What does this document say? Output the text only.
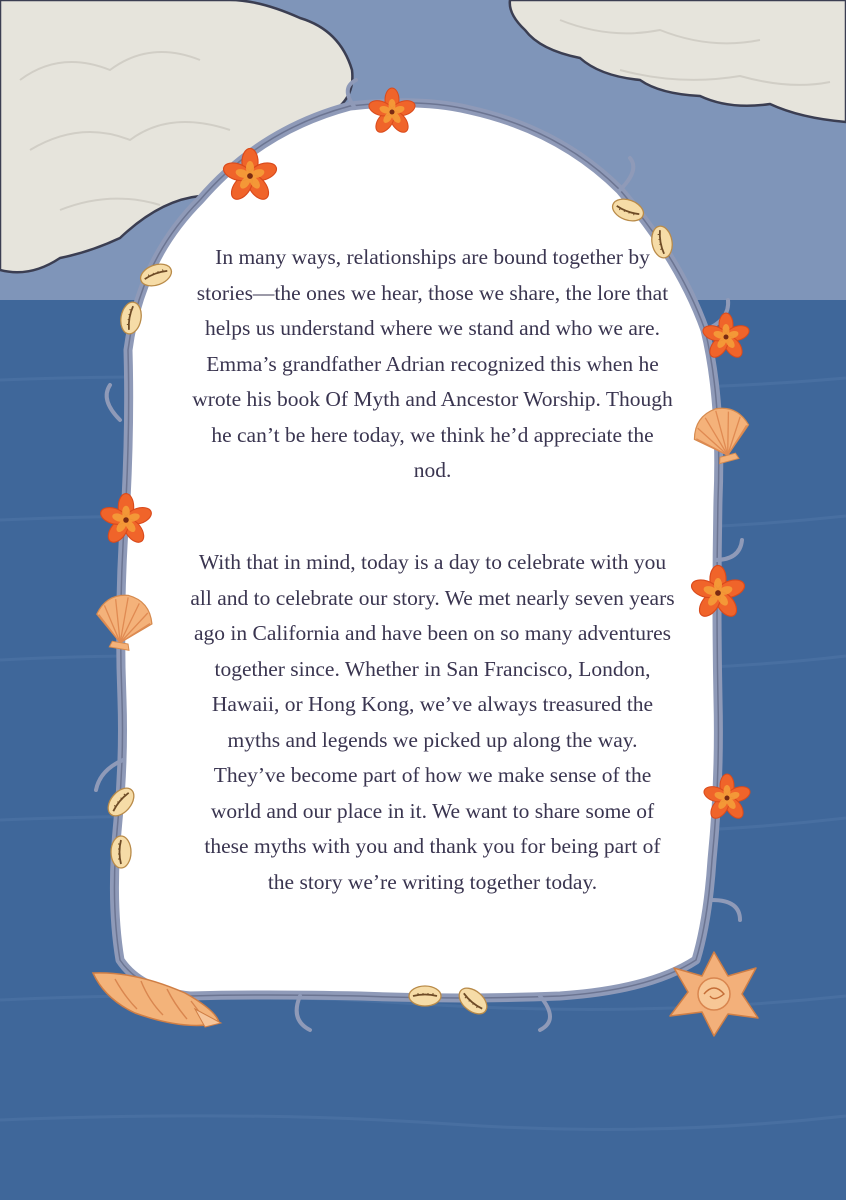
In many ways, relationships are bound together by stories—the ones we hear, those we share, the lore that helps us understand where we stand and who we are. Emma’s grandfather Adrian recognized this when he wrote his book Of Myth and Ancestor Worship. Though he can’t be here today, we think he’d appreciate the nod.
With that in mind, today is a day to celebrate with you all and to celebrate our story. We met nearly seven years ago in California and have been on so many adventures together since. Whether in San Francisco, London, Hawaii, or Hong Kong, we’ve always treasured the myths and legends we picked up along the way. They’ve become part of how we make sense of the world and our place in it. We want to share some of these myths with you and thank you for being part of the story we’re writing together today.
